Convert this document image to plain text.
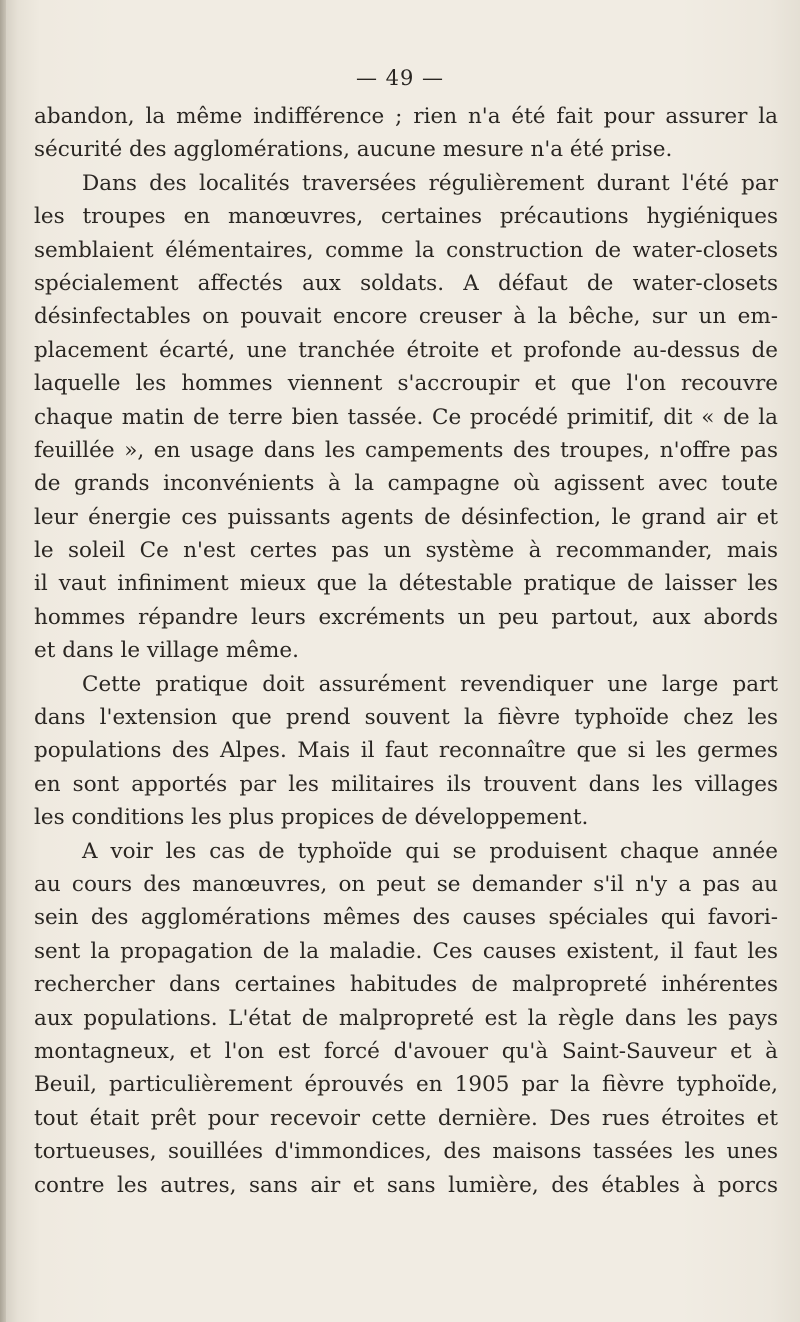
— 49 —

abandon, la même indifférence ; rien n'a été fait pour assurer la
sécurité des agglomérations, aucune mesure n'a été prise.

Dans des localités traversées régulièrement durant l'été par
les troupes en manœuvres, certaines précautions hygiéniques
semblaient élémentaires, comme la construction de water-closets
spécialement affectés aux soldats. A défaut de water-closets
désinfectables on pouvait encore creuser à la bêche, sur un em-
placement écarté, une tranchée étroite et profonde au-dessus de
laquelle les hommes viennent s'accroupir et que l'on recouvre
chaque matin de terre bien tassée. Ce procédé primitif, dit « de la
feuillée », en usage dans les campements des troupes, n'offre pas
de grands inconvénients à la campagne où agissent avec toute
leur énergie ces puissants agents de désinfection, le grand air et
le soleil Ce n'est certes pas un système à recommander, mais
il vaut infiniment mieux que la détestable pratique de laisser les
hommes répandre leurs excréments un peu partout, aux abords
et dans le village même.

Cette pratique doit assurément revendiquer une large part
dans l'extension que prend souvent la fièvre typhoïde chez les
populations des Alpes. Mais il faut reconnaître que si les germes
en sont apportés par les militaires ils trouvent dans les villages
les conditions les plus propices de développement.

A voir les cas de typhoïde qui se produisent chaque année
au cours des manœuvres, on peut se demander s'il n'y a pas au
sein des agglomérations mêmes des causes spéciales qui favori-
sent la propagation de la maladie. Ces causes existent, il faut les
rechercher dans certaines habitudes de malpropreté inhérentes
aux populations. L'état de malpropreté est la règle dans les pays
montagneux, et l'on est forcé d'avouer qu'à Saint-Sauveur et à
Beuil, particulièrement éprouvés en 1905 par la fièvre typhoïde,
tout était prêt pour recevoir cette dernière. Des rues étroites et
tortueuses, souillées d'immondices, des maisons tassées les unes
contre les autres, sans air et sans lumière, des étables à porcs
